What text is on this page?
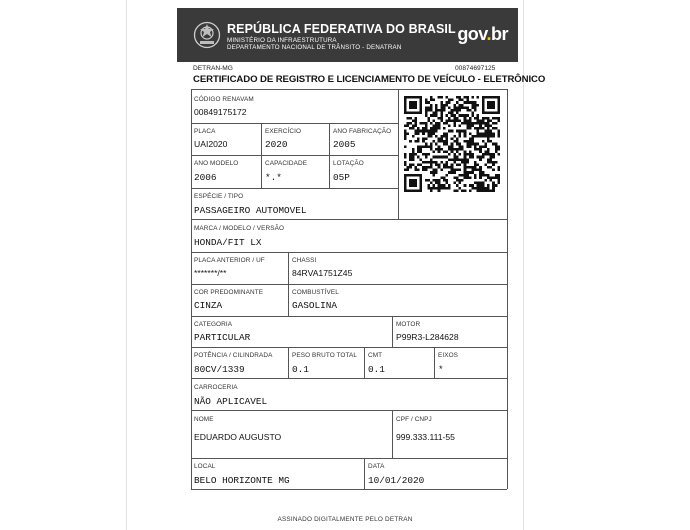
REPÚBLICA FEDERATIVA DO BRASIL
MINISTÉRIO DA INFRAESTRUTURA
DEPARTAMENTO NACIONAL DE TRÂNSITO - DENATRAN
gov.br
DETRAN-MG	00874697125
CERTIFICADO DE REGISTRO E LICENCIAMENTO DE VEÍCULO - ELETRÔNICO
CÓDIGO RENAVAM
00849175172
PLACA
UAI2020
EXERCÍCIO
2020
ANO FABRICAÇÃO
2005
ANO MODELO
2006
CAPACIDADE
*.*
LOTAÇÃO
05P
ESPÉCIE / TIPO
PASSAGEIRO AUTOMOVEL
MARCA / MODELO / VERSÃO
HONDA/FIT LX
PLACA ANTERIOR / UF
*******/**
CHASSI
84RVA1751Z45
COR PREDOMINANTE
CINZA
COMBUSTÍVEL
GASOLINA
CATEGORIA
PARTICULAR
MOTOR
P99R3-L284628
POTÊNCIA / CILINDRADA
80CV/1339
PESO BRUTO TOTAL
0.1
CMT
0.1
EIXOS
*
CARROCERIA
NÃO APLICAVEL
NOME
EDUARDO AUGUSTO
CPF / CNPJ
999.333.111-55
LOCAL
BELO HORIZONTE MG
DATA
10/01/2020
ASSINADO DIGITALMENTE PELO DETRAN
